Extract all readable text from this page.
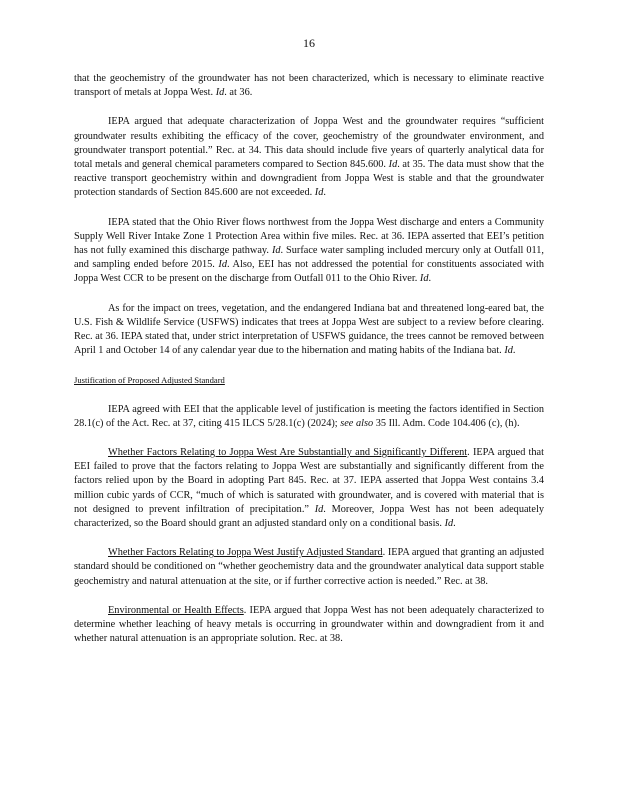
16

that the geochemistry of the groundwater has not been characterized, which is necessary to eliminate reactive transport of metals at Joppa West. Id. at 36.

IEPA argued that adequate characterization of Joppa West and the groundwater requires “sufficient groundwater results exhibiting the efficacy of the cover, geochemistry of the groundwater environment, and groundwater transport potential.” Rec. at 34. This data should include five years of quarterly analytical data for total metals and general chemical parameters compared to Section 845.600. Id. at 35. The data must show that the reactive transport geochemistry within and downgradient from Joppa West is stable and that the groundwater protection standards of Section 845.600 are not exceeded. Id.

IEPA stated that the Ohio River flows northwest from the Joppa West discharge and enters a Community Supply Well River Intake Zone 1 Protection Area within five miles. Rec. at 36. IEPA asserted that EEI’s petition has not fully examined this discharge pathway. Id. Surface water sampling included mercury only at Outfall 011, and sampling ended before 2015. Id. Also, EEI has not addressed the potential for constituents associated with Joppa West CCR to be present on the discharge from Outfall 011 to the Ohio River. Id.

As for the impact on trees, vegetation, and the endangered Indiana bat and threatened long-eared bat, the U.S. Fish & Wildlife Service (USFWS) indicates that trees at Joppa West are subject to a review before clearing. Rec. at 36. IEPA stated that, under strict interpretation of USFWS guidance, the trees cannot be removed between April 1 and October 14 of any calendar year due to the hibernation and mating habits of the Indiana bat. Id.

Justification of Proposed Adjusted Standard

IEPA agreed with EEI that the applicable level of justification is meeting the factors identified in Section 28.1(c) of the Act. Rec. at 37, citing 415 ILCS 5/28.1(c) (2024); see also 35 Ill. Adm. Code 104.406 (c), (h).

Whether Factors Relating to Joppa West Are Substantially and Significantly Different. IEPA argued that EEI failed to prove that the factors relating to Joppa West are substantially and significantly different from the factors relied upon by the Board in adopting Part 845. Rec. at 37. IEPA asserted that Joppa West contains 3.4 million cubic yards of CCR, “much of which is saturated with groundwater, and is covered with material that is not designed to prevent infiltration of precipitation.” Id. Moreover, Joppa West has not been adequately characterized, so the Board should grant an adjusted standard only on a conditional basis. Id.

Whether Factors Relating to Joppa West Justify Adjusted Standard. IEPA argued that granting an adjusted standard should be conditioned on “whether geochemistry data and the groundwater analytical data support stable geochemistry and natural attenuation at the site, or if further corrective action is needed.” Rec. at 38.

Environmental or Health Effects. IEPA argued that Joppa West has not been adequately characterized to determine whether leaching of heavy metals is occurring in groundwater within and downgradient from it and whether natural attenuation is an appropriate solution. Rec. at 38.
